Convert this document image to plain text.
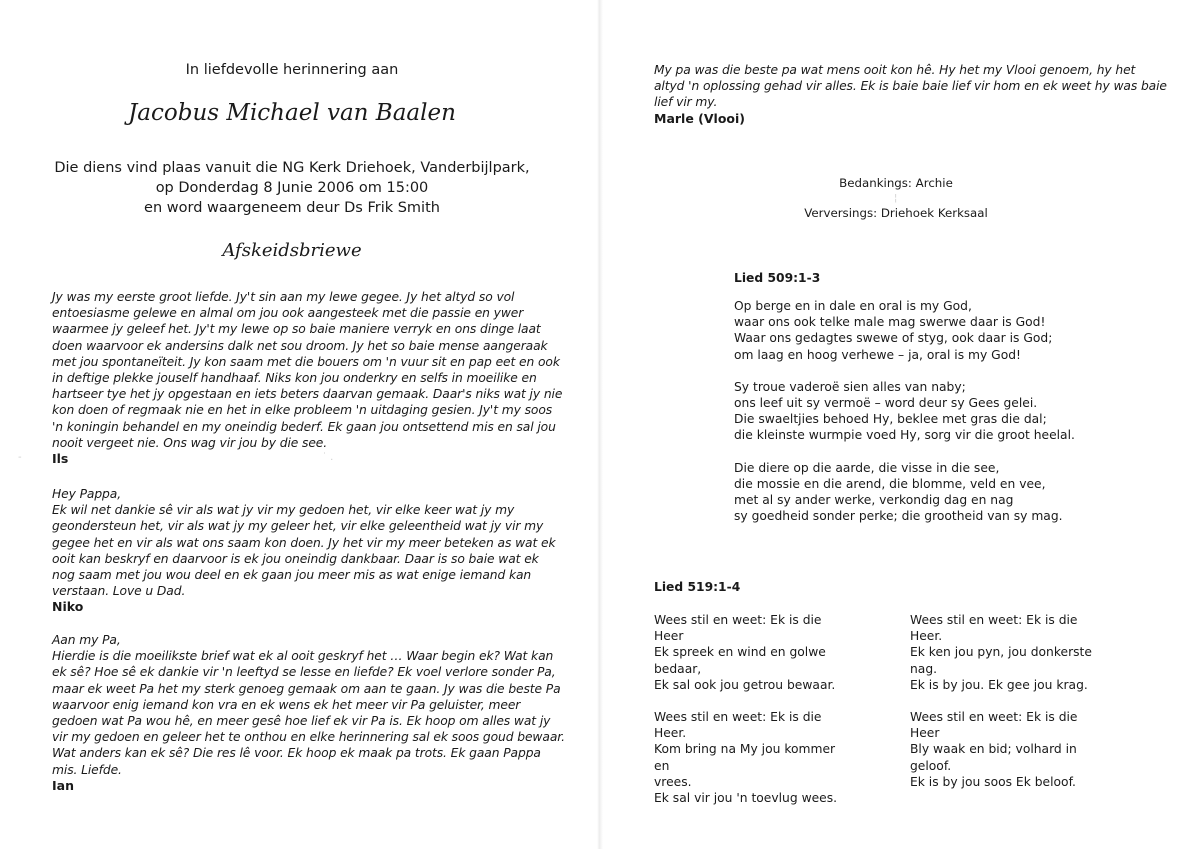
In liefdevolle herinnering aan

Jacobus Michael van Baalen

Die diens vind plaas vanuit die NG Kerk Driehoek, Vanderbijlpark,
op Donderdag 8 Junie 2006 om 15:00
en word waargeneem deur Ds Frik Smith

Afskeidsbriewe

Jy was my eerste groot liefde. Jy't sin aan my lewe gegee. Jy het altyd so vol
entoesiasme gelewe en almal om jou ook aangesteek met die passie en ywer
waarmee jy geleef het. Jy't my lewe op so baie maniere verryk en ons dinge laat
doen waarvoor ek andersins dalk net sou droom. Jy het so baie mense aangeraak
met jou spontaneïteit. Jy kon saam met die bouers om 'n vuur sit en pap eet en ook
in deftige plekke jouself handhaaf. Niks kon jou onderkry en selfs in moeilike en
hartseer tye het jy opgestaan en iets beters daarvan gemaak. Daar's niks wat jy nie
kon doen of regmaak nie en het in elke probleem 'n uitdaging gesien. Jy't my soos
'n koningin behandel en my oneindig bederf. Ek gaan jou ontsettend mis en sal jou
nooit vergeet nie. Ons wag vir jou by die see.
Ils
Hey Pappa,
Ek wil net dankie sê vir als wat jy vir my gedoen het, vir elke keer wat jy my
geondersteun het, vir als wat jy my geleer het, vir elke geleentheid wat jy vir my
gegee het en vir als wat ons saam kon doen. Jy het vir my meer beteken as wat ek
ooit kan beskryf en daarvoor is ek jou oneindig dankbaar. Daar is so baie wat ek
nog saam met jou wou deel en ek gaan jou meer mis as wat enige iemand kan
verstaan. Love u Dad.
Niko
Aan my Pa,
Hierdie is die moeilikste brief wat ek al ooit geskryf het … Waar begin ek? Wat kan
ek sê? Hoe sê ek dankie vir 'n leeftyd se lesse en liefde? Ek voel verlore sonder Pa,
maar ek weet Pa het my sterk genoeg gemaak om aan te gaan. Jy was die beste Pa
waarvoor enig iemand kon vra en ek wens ek het meer vir Pa geluister, meer
gedoen wat Pa wou hê, en meer gesê hoe lief ek vir Pa is. Ek hoop om alles wat jy
vir my gedoen en geleer het te onthou en elke herinnering sal ek soos goud bewaar.
Wat anders kan ek sê? Die res lê voor. Ek hoop ek maak pa trots. Ek gaan Pappa
mis. Liefde.
Ian
-	˙ .
My pa was die beste pa wat mens ooit kon hê. Hy het my Vlooi genoem, hy het
altyd 'n oplossing gehad vir alles. Ek is baie baie lief vir hom en ek weet hy was baie
lief vir my.
Marle (Vlooi)

Bedankings: Archie

¦

Verversings: Driehoek Kerksaal

Lied 509:1-3
Op berge en in dale en oral is my God,
waar ons ook telke male mag swerwe daar is God!
Waar ons gedagtes swewe of styg, ook daar is God;
om laag en hoog verhewe – ja, oral is my God!
Sy troue vaderoë sien alles van naby;
ons leef uit sy vermoë – word deur sy Gees gelei.
Die swaeltjies behoed Hy, beklee met gras die dal;
die kleinste wurmpie voed Hy, sorg vir die groot heelal.
Die diere op die aarde, die visse in die see,
die mossie en die arend, die blomme, veld en vee,
met al sy ander werke, verkondig dag en nag
sy goedheid sonder perke; die grootheid van sy mag.
Lied 519:1-4
Wees stil en weet: Ek is die Heer
Ek spreek en wind en golwe
bedaar,
Ek sal ook jou getrou bewaar.
Wees stil en weet: Ek is die Heer.
Kom bring na My jou kommer en
vrees.
Ek sal vir jou 'n toevlug wees.
Wees stil en weet: Ek is die Heer.
Ek ken jou pyn, jou donkerste
nag.
Ek is by jou. Ek gee jou krag.
Wees stil en weet: Ek is die Heer
Bly waak en bid; volhard in
geloof.
Ek is by jou soos Ek beloof.
